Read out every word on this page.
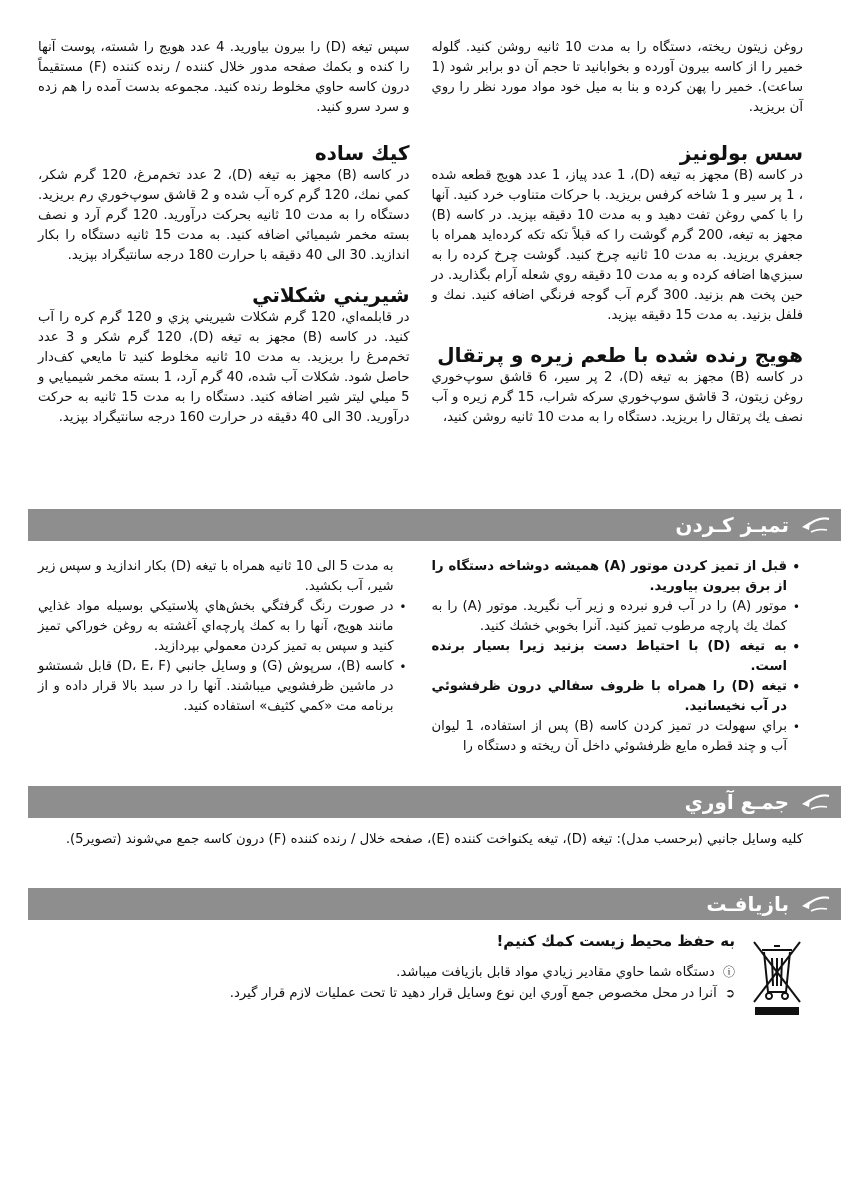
روغن زيتون ريخته، دستگاه را به مدت 10 ثانيه روشن كنيد. گلوله خمير را از كاسه بيرون آورده و بخوابانيد تا حجم آن دو برابر شود (1 ساعت). خمير را پهن كرده و بنا به ميل خود مواد مورد نظر را روي آن بريزيد.

سس بولونيز

در كاسه (B) مجهز به تيغه (D)، 1 عدد پياز، 1 عدد هويج قطعه شده ، 1 پر سير و 1 شاخه كرفس بريزيد. با حركات متناوب خرد كنيد. آنها را با كمي روغن تفت دهيد و به مدت 10 دقيقه بپزيد. در كاسه (B) مجهز به تيغه، 200 گرم گوشت را كه قبلاً تكه تكه كرده‌ايد همراه با جعفري بريزيد. به مدت 10 ثانيه چرخ كنيد. گوشت چرخ كرده را به سبزي‌ها اضافه كرده و به مدت 10 دقيقه روي شعله آرام بگذاريد. در حين پخت هم بزنيد. 300 گرم آب گوجه فرنگي اضافه كنيد. نمك و فلفل بزنيد. به مدت 15 دقيقه بپزيد.

هويج رنده شده با طعم زيره و پرتقال

در كاسه (B) مجهز به تيغه (D)، 2 پر سير، 6 قاشق سوپ‌خوري روغن زيتون، 3 قاشق سوپ‌خوري سركه شراب، 15 گرم زيره و آب نصف يك پرتقال را بريزيد. دستگاه را به مدت 10 ثانيه روشن كنيد،

سپس تيغه (D) را بيرون بياوريد. 4 عدد هويج را شسته، پوست آنها را كنده و بكمك صفحه مدور خلال كننده / رنده كننده (F) مستقيماً درون كاسه حاوي مخلوط رنده كنيد. مجموعه بدست آمده را هم زده و سرد سرو كنيد.

كيك ساده

در كاسه (B) مجهز به تيغه (D)، 2 عدد تخم‌مرغ، 120 گرم شكر، كمي نمك، 120 گرم كره آب شده و 2 قاشق سوپ‌خوري رم بريزيد. دستگاه را به مدت 10 ثانيه بحركت درآوريد. 120 گرم آرد و نصف بسته مخمر شيميائي اضافه كنيد. به مدت 15 ثانيه دستگاه را بكار اندازيد. 30 الی 40 دقيقه با حرارت 180 درجه سانتيگراد بپزيد.

شيريني شكلاتي

در قابلمه‌اي، 120 گرم شكلات شيريني پزي و 120 گرم كره را آب كنيد. در كاسه (B) مجهز به تيغه (D)، 120 گرم شكر و 3 عدد تخم‌مرغ را بريزيد. به مدت 10 ثانيه مخلوط كنيد تا مايعي كف‌دار حاصل شود. شكلات آب شده، 40 گرم آرد، 1 بسته مخمر شيميايي و 5 ميلي ليتر شير اضافه كنيد. دستگاه را به مدت 15 ثانيه به حركت درآوريد. 30 الی 40 دقيقه در حرارت 160 درجه سانتيگراد بپزيد.

تميـز كـردن
• قبل از تميز كردن موتور (A) هميشه دوشاخه دستگاه را از برق بيرون بياوريد.
• موتور (A) را در آب فرو نبرده و زير آب نگيريد. موتور (A) را به كمك يك پارچه مرطوب تميز كنيد. آنرا بخوبي خشك كنيد.
• به تيغه (D) با احتياط دست بزنيد زيرا بسيار برنده است.
• تيغه (D) را همراه با ظروف سفالي درون ظرفشوئي در آب نخيسانيد.
• براي سهولت در تميز كردن كاسه (B) پس از استفاده، 1 ليوان آب و چند قطره مايع ظرفشوئي داخل آن ريخته و دستگاه را

به مدت 5 الی 10 ثانيه همراه با تيغه (D) بكار اندازيد و سپس زير شير، آب بكشيد.

• در صورت رنگ گرفتگي بخش‌هاي پلاستيكي بوسيله مواد غذايي مانند هويج، آنها را به كمك پارچه‌اي آغشته به روغن خوراكي تميز كنيد و سپس به تميز كردن معمولي بپردازيد.
• كاسه (B)، سرپوش (G) و وسايل جانبي (D، E، F) قابل شستشو در ماشين ظرفشويي ميباشند. آنها را در سبد بالا قرار داده و از برنامه مت «كمي كثيف» استفاده كنيد.
جمـع آوري

كليه وسايل جانبي (برحسب مدل): تيغه (D)، تيغه يكنواخت كننده (E)، صفحه خلال / رنده كننده (F) درون كاسه جمع مي‌شوند (تصوير5).

بازيافـت
به حفظ محيط زيست كمك كنيم!

ⓘ دستگاه شما حاوي مقادير زيادي مواد قابل بازيافت ميباشد.

➲ آنرا در محل مخصوص جمع آوري اين نوع وسايل قرار دهيد تا تحت عمليات لازم قرار گيرد.
